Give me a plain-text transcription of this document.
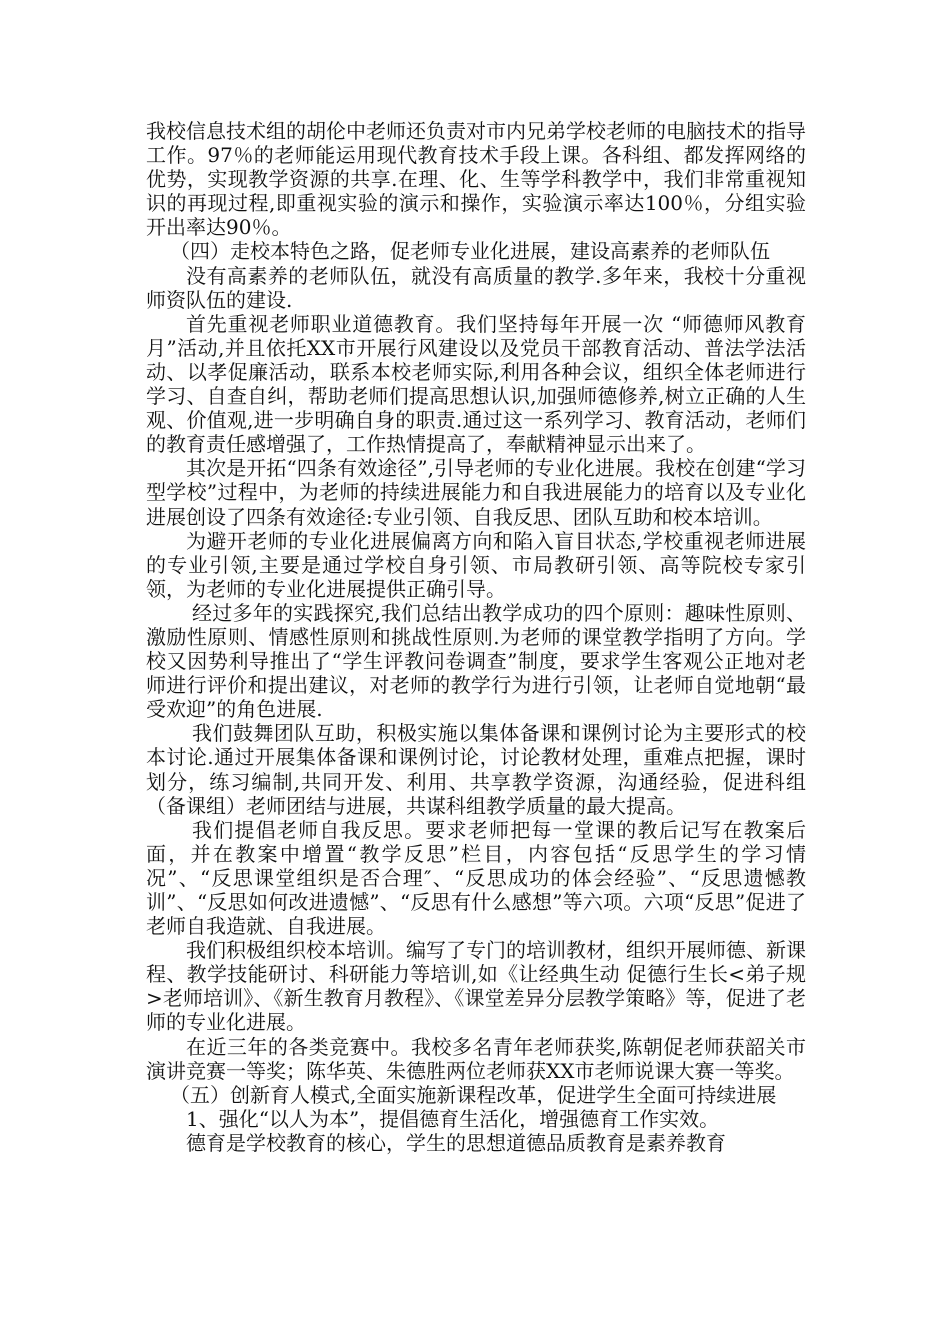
我校信息技术组的胡伦中老师还负责对市内兄弟学校老师的电脑技术的指导工作。97％的老师能运用现代教育技术手段上课。各科组、都发挥网络的优势，实现教学资源的共享.在理、化、生等学科教学中，我们非常重视知识的再现过程,即重视实验的演示和操作，实验演示率达100％，分组实验开出率达90％。

（四）走校本特色之路，促老师专业化进展，建设高素养的老师队伍

没有高素养的老师队伍，就没有高质量的教学.多年来，我校十分重视师资队伍的建设.

首先重视老师职业道德教育。我们坚持每年开展一次 “师德师风教育月”活动,并且依托XX市开展行风建设以及党员干部教育活动、普法学法活动、以孝促廉活动，联系本校老师实际,利用各种会议，组织全体老师进行学习、自查自纠，帮助老师们提高思想认识,加强师德修养,树立正确的人生观、价值观,进一步明确自身的职责.通过这一系列学习、教育活动，老师们的教育责任感增强了，工作热情提高了，奉献精神显示出来了。

其次是开拓“四条有效途径”,引导老师的专业化进展。我校在创建“学习型学校”过程中，为老师的持续进展能力和自我进展能力的培育以及专业化进展创设了四条有效途径:专业引领、自我反思、团队互助和校本培训。

为避开老师的专业化进展偏离方向和陷入盲目状态,学校重视老师进展的专业引领,主要是通过学校自身引领、市局教研引领、高等院校专家引领，为老师的专业化进展提供正确引导。

经过多年的实践探究,我们总结出教学成功的四个原则：趣味性原则、激励性原则、情感性原则和挑战性原则.为老师的课堂教学指明了方向。学校又因势利导推出了“学生评教问卷调查”制度，要求学生客观公正地对老师进行评价和提出建议，对老师的教学行为进行引领，让老师自觉地朝“最受欢迎”的角色进展.

我们鼓舞团队互助，积极实施以集体备课和课例讨论为主要形式的校本讨论.通过开展集体备课和课例讨论，讨论教材处理，重难点把握，课时划分，练习编制,共同开发、利用、共享教学资源，沟通经验，促进科组（备课组）老师团结与进展，共谋科组教学质量的最大提高。

我们提倡老师自我反思。要求老师把每一堂课的教后记写在教案后面，并在教案中增置“教学反思”栏目，内容包括“反思学生的学习情况”、“反思课堂组织是否合理″、“反思成功的体会经验”、“反思遗憾教训”、“反思如何改进遗憾”、“反思有什么感想”等六项。六项“反思”促进了老师自我造就、自我进展。

我们积极组织校本培训。编写了专门的培训教材，组织开展师德、新课程、教学技能研讨、科研能力等培训,如《让经典生动 促德行生长<弟子规>老师培训》、《新生教育月教程》、《课堂差异分层教学策略》等，促进了老师的专业化进展。

在近三年的各类竞赛中。我校多名青年老师获奖,陈朝促老师获韶关市演讲竞赛一等奖；陈华英、朱德胜两位老师获XX市老师说课大赛一等奖。

（五）创新育人模式,全面实施新课程改革，促进学生全面可持续进展

1、强化“以人为本”，提倡德育生活化，增强德育工作实效。

德育是学校教育的核心，学生的思想道德品质教育是素养教育
